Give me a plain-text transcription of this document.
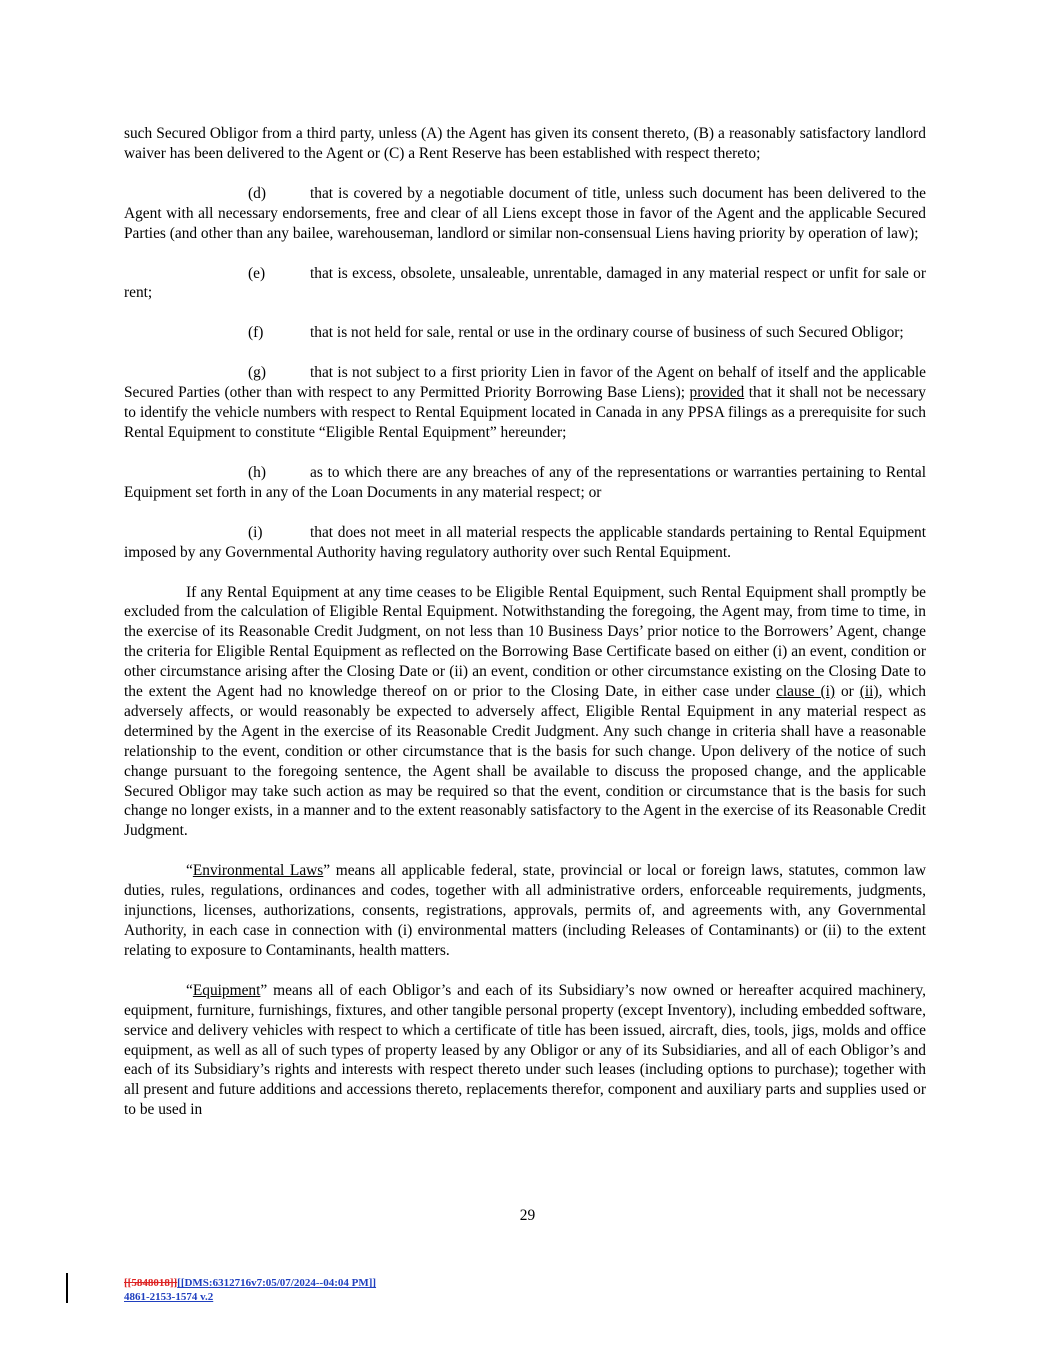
such Secured Obligor from a third party, unless (A) the Agent has given its consent thereto, (B) a reasonably satisfactory landlord waiver has been delivered to the Agent or (C) a Rent Reserve has been established with respect thereto;

(d)	that is covered by a negotiable document of title, unless such document has been delivered to the Agent with all necessary endorsements, free and clear of all Liens except those in favor of the Agent and the applicable Secured Parties (and other than any bailee, warehouseman, landlord or similar non-consensual Liens having priority by operation of law);

(e)	that is excess, obsolete, unsaleable, unrentable, damaged in any material respect or unfit for sale or rent;

(f)	that is not held for sale, rental or use in the ordinary course of business of such Secured Obligor;

(g)	that is not subject to a first priority Lien in favor of the Agent on behalf of itself and the applicable Secured Parties (other than with respect to any Permitted Priority Borrowing Base Liens); provided that it shall not be necessary to identify the vehicle numbers with respect to Rental Equipment located in Canada in any PPSA filings as a prerequisite for such Rental Equipment to constitute “Eligible Rental Equipment” hereunder;

(h)	as to which there are any breaches of any of the representations or warranties pertaining to Rental Equipment set forth in any of the Loan Documents in any material respect; or

(i)	that does not meet in all material respects the applicable standards pertaining to Rental Equipment imposed by any Governmental Authority having regulatory authority over such Rental Equipment.

If any Rental Equipment at any time ceases to be Eligible Rental Equipment, such Rental Equipment shall promptly be excluded from the calculation of Eligible Rental Equipment. Notwithstanding the foregoing, the Agent may, from time to time, in the exercise of its Reasonable Credit Judgment, on not less than 10 Business Days’ prior notice to the Borrowers’ Agent, change the criteria for Eligible Rental Equipment as reflected on the Borrowing Base Certificate based on either (i) an event, condition or other circumstance arising after the Closing Date or (ii) an event, condition or other circumstance existing on the Closing Date to the extent the Agent had no knowledge thereof on or prior to the Closing Date, in either case under clause (i) or (ii), which adversely affects, or would reasonably be expected to adversely affect, Eligible Rental Equipment in any material respect as determined by the Agent in the exercise of its Reasonable Credit Judgment. Any such change in criteria shall have a reasonable relationship to the event, condition or other circumstance that is the basis for such change. Upon delivery of the notice of such change pursuant to the foregoing sentence, the Agent shall be available to discuss the proposed change, and the applicable Secured Obligor may take such action as may be required so that the event, condition or circumstance that is the basis for such change no longer exists, in a manner and to the extent reasonably satisfactory to the Agent in the exercise of its Reasonable Credit Judgment.

“Environmental Laws” means all applicable federal, state, provincial or local or foreign laws, statutes, common law duties, rules, regulations, ordinances and codes, together with all administrative orders, enforceable requirements, judgments, injunctions, licenses, authorizations, consents, registrations, approvals, permits of, and agreements with, any Governmental Authority, in each case in connection with (i) environmental matters (including Releases of Contaminants) or (ii) to the extent relating to exposure to Contaminants, health matters.

“Equipment” means all of each Obligor’s and each of its Subsidiary’s now owned or hereafter acquired machinery, equipment, furniture, furnishings, fixtures, and other tangible personal property (except Inventory), including embedded software, service and delivery vehicles with respect to which a certificate of title has been issued, aircraft, dies, tools, jigs, molds and office equipment, as well as all of such types of property leased by any Obligor or any of its Subsidiaries, and all of each Obligor’s and each of its Subsidiary’s rights and interests with respect thereto under such leases (including options to purchase); together with all present and future additions and accessions thereto, replacements therefor, component and auxiliary parts and supplies used or to be used in

29
[[5848018]][[DMS:6312716v7:05/07/2024--04:04 PM]]
4861-2153-1574 v.2
